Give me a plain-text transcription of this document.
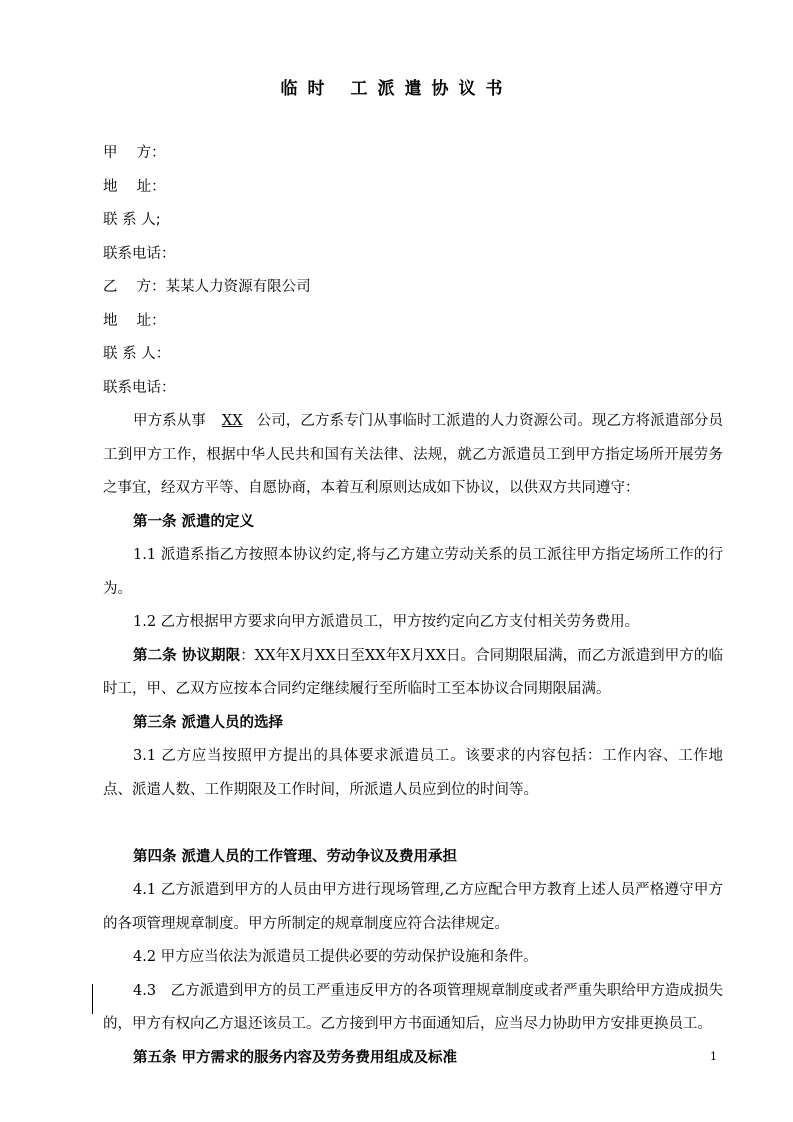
临时 工派遣协议书
甲　 方：
地　 址：
联 系 人;
联系电话：
乙　 方：某某人力资源有限公司
地　 址：
联 系 人：
联系电话：
甲方系从事 XX 公司，乙方系专门从事临时工派遣的人力资源公司。现乙方将派遣部分员工到甲方工作，根据中华人民共和国有关法律、法规，就乙方派遣员工到甲方指定场所开展劳务之事宜，经双方平等、自愿协商，本着互利原则达成如下协议，以供双方共同遵守：
第一条 派遣的定义
1.1 派遣系指乙方按照本协议约定,将与乙方建立劳动关系的员工派往甲方指定场所工作的行为。
1.2 乙方根据甲方要求向甲方派遣员工，甲方按约定向乙方支付相关劳务费用。
第二条 协议期限：XX年X月XX日至XX年X月XX日。合同期限届满，而乙方派遣到甲方的临时工，甲、乙双方应按本合同约定继续履行至所临时工至本协议合同期限届满。
第三条 派遣人员的选择
3.1 乙方应当按照甲方提出的具体要求派遣员工。该要求的内容包括：工作内容、工作地点、派遣人数、工作期限及工作时间，所派遣人员应到位的时间等。
第四条 派遣人员的工作管理、劳动争议及费用承担
4.1 乙方派遣到甲方的人员由甲方进行现场管理,乙方应配合甲方教育上述人员严格遵守甲方的各项管理规章制度。甲方所制定的规章制度应符合法律规定。
4.2 甲方应当依法为派遣员工提供必要的劳动保护设施和条件。
4.3　乙方派遣到甲方的员工严重违反甲方的各项管理规章制度或者严重失职给甲方造成损失的，甲方有权向乙方退还该员工。乙方接到甲方书面通知后，应当尽力协助甲方安排更换员工。
第五条 甲方需求的服务内容及劳务费用组成及标准	1
